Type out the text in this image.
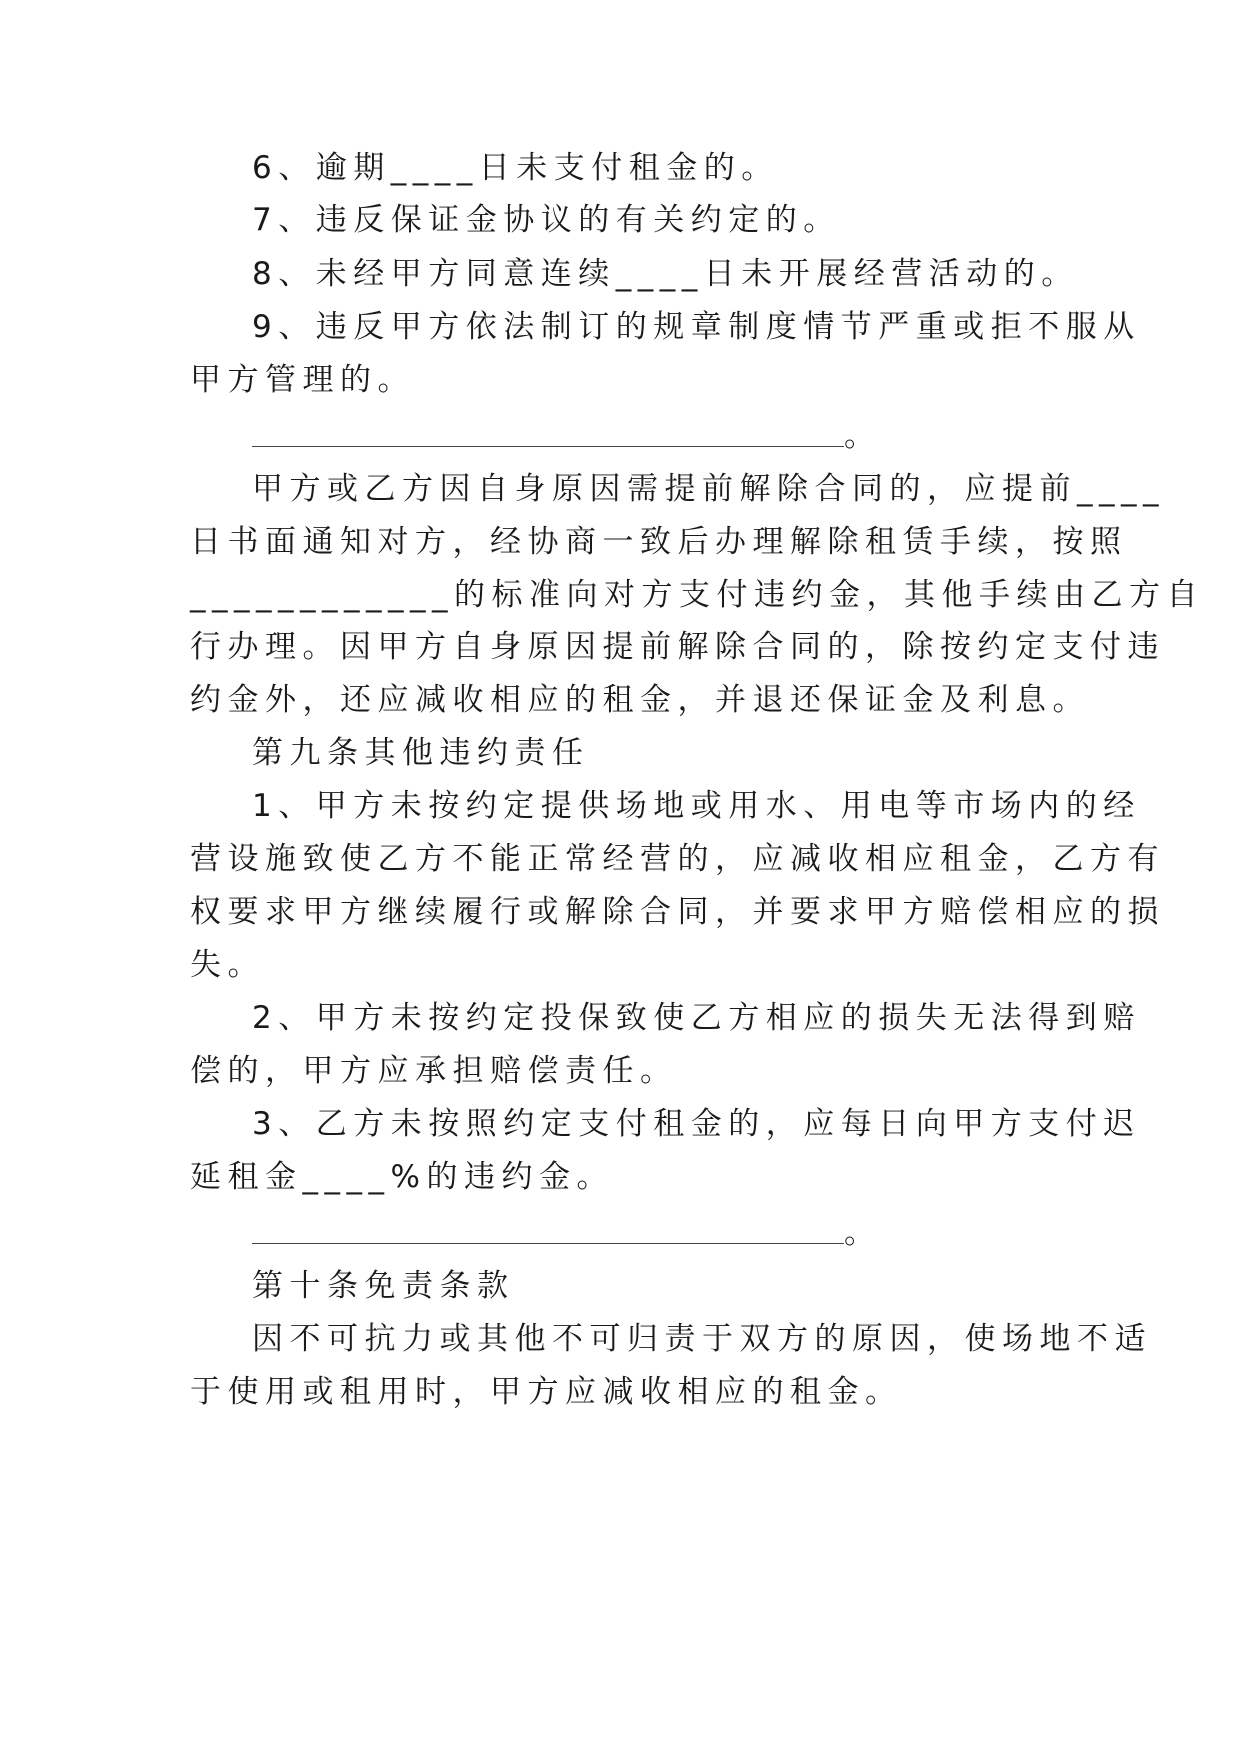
6、逾期____日未支付租金的。
7、违反保证金协议的有关约定的。
8、未经甲方同意连续____日未开展经营活动的。
9、违反甲方依法制订的规章制度情节严重或拒不服从
甲方管理的。
。
甲方或乙方因自身原因需提前解除合同的，应提前____
日书面通知对方，经协商一致后办理解除租赁手续，按照
____________的标准向对方支付违约金，其他手续由乙方自
行办理。因甲方自身原因提前解除合同的，除按约定支付违
约金外，还应减收相应的租金，并退还保证金及利息。
第九条其他违约责任
1、甲方未按约定提供场地或用水、用电等市场内的经
营设施致使乙方不能正常经营的，应减收相应租金，乙方有
权要求甲方继续履行或解除合同，并要求甲方赔偿相应的损
失。
2、甲方未按约定投保致使乙方相应的损失无法得到赔
偿的，甲方应承担赔偿责任。
3、乙方未按照约定支付租金的，应每日向甲方支付迟
延租金____%的违约金。
。
第十条免责条款
因不可抗力或其他不可归责于双方的原因，使场地不适
于使用或租用时，甲方应减收相应的租金。
